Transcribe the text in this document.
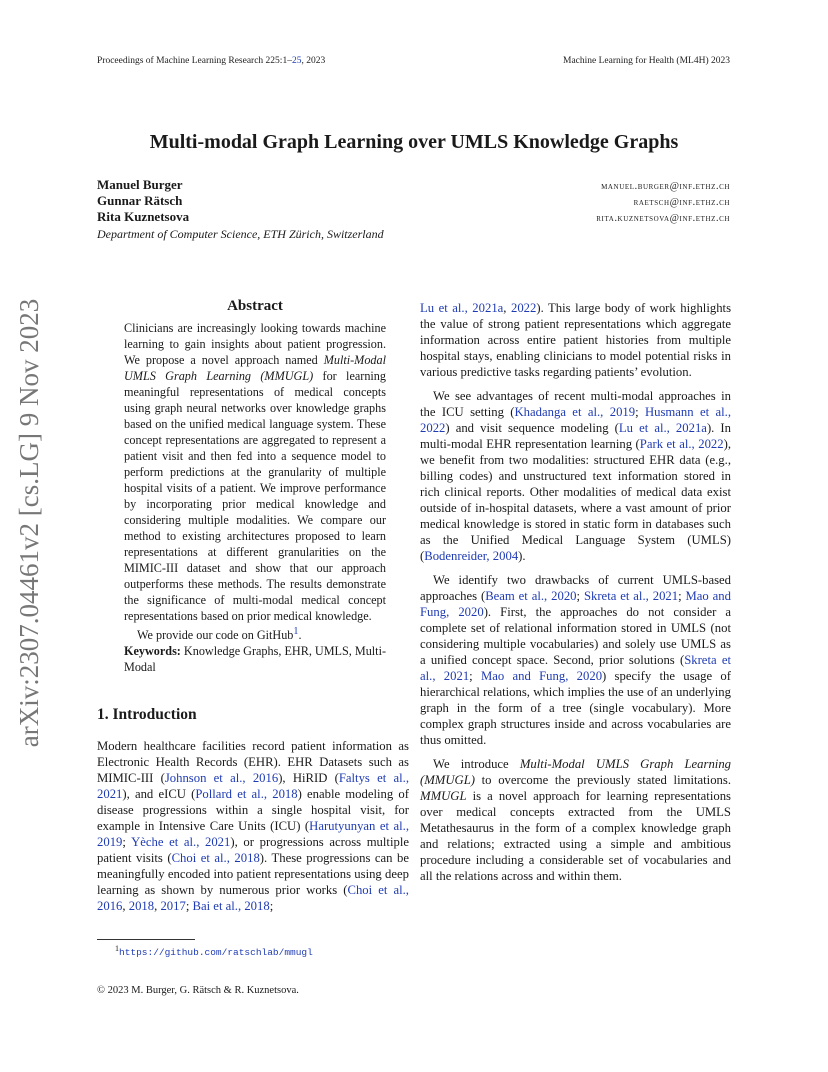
Proceedings of Machine Learning Research 225:1–25, 2023	Machine Learning for Health (ML4H) 2023
Multi-modal Graph Learning over UMLS Knowledge Graphs
Manuel Burger
Gunnar Rätsch
Rita Kuznetsova
manuel.burger@inf.ethz.ch
raetsch@inf.ethz.ch
rita.kuznetsova@inf.ethz.ch
Department of Computer Science, ETH Zürich, Switzerland
arXiv:2307.04461v2 [cs.LG] 9 Nov 2023	Abstract

Clinicians are increasingly looking towards machine learning to gain insights about patient progression. We propose a novel approach named Multi-Modal UMLS Graph Learning (MMUGL) for learning meaningful representations of medical concepts using graph neural networks over knowledge graphs based on the unified medical language system. These concept representations are aggregated to represent a patient visit and then fed into a sequence model to perform predictions at the granularity of multiple hospital visits of a patient. We improve performance by incorporating prior medical knowledge and considering multiple modalities. We compare our method to existing architectures proposed to learn representations at different granularities on the MIMIC-III dataset and show that our approach outperforms these methods. The results demonstrate the significance of multi-modal medical concept representations based on prior medical knowledge.

We provide our code on GitHub$^1$.

Keywords: Knowledge Graphs, EHR, UMLS, Multi-Modal

1. Introduction

Modern healthcare facilities record patient information as Electronic Health Records (EHR). EHR Datasets such as MIMIC-III (Johnson et al., 2016), HiRID (Faltys et al., 2021), and eICU (Pollard et al., 2018) enable modeling of disease progressions within a single hospital visit, for example in Intensive Care Units (ICU) (Harutyunyan et al., 2019; Yèche et al., 2021), or progressions across multiple patient visits (Choi et al., 2018). These progressions can be meaningfully encoded into patient representations using deep learning as shown by numerous prior works (Choi et al., 2016, 2018, 2017; Bai et al., 2018;

Lu et al., 2021a, 2022). This large body of work highlights the value of strong patient representations which aggregate information across entire patient histories from multiple hospital stays, enabling clinicians to model potential risks in various predictive tasks regarding patients’ evolution.

We see advantages of recent multi-modal approaches in the ICU setting (Khadanga et al., 2019; Husmann et al., 2022) and visit sequence modeling (Lu et al., 2021a). In multi-modal EHR representation learning (Park et al., 2022), we benefit from two modalities: structured EHR data (e.g., billing codes) and unstructured text information stored in rich clinical reports. Other modalities of medical data exist outside of in-hospital datasets, where a vast amount of prior medical knowledge is stored in static form in databases such as the Unified Medical Language System (UMLS) (Bodenreider, 2004).

We identify two drawbacks of current UMLS-based approaches (Beam et al., 2020; Skreta et al., 2021; Mao and Fung, 2020). First, the approaches do not consider a complete set of relational information stored in UMLS (not considering multiple vocabularies) and solely use UMLS as a unified concept space. Second, prior solutions (Skreta et al., 2021; Mao and Fung, 2020) specify the usage of hierarchical relations, which implies the use of an underlying graph in the form of a tree (single vocabulary). More complex graph structures inside and across vocabularies are thus omitted.

We introduce Multi-Modal UMLS Graph Learning (MMUGL) to overcome the previously stated limitations. MMUGL is a novel approach for learning representations over medical concepts extracted from the UMLS Metathesaurus in the form of a complex knowledge graph and relations; extracted using a simple and ambitious procedure including a considerable set of vocabularies and all the relations across and within them.

$^1$https://github.com/ratschlab/mmugl
© 2023 M. Burger, G. Rätsch & R. Kuznetsova.
